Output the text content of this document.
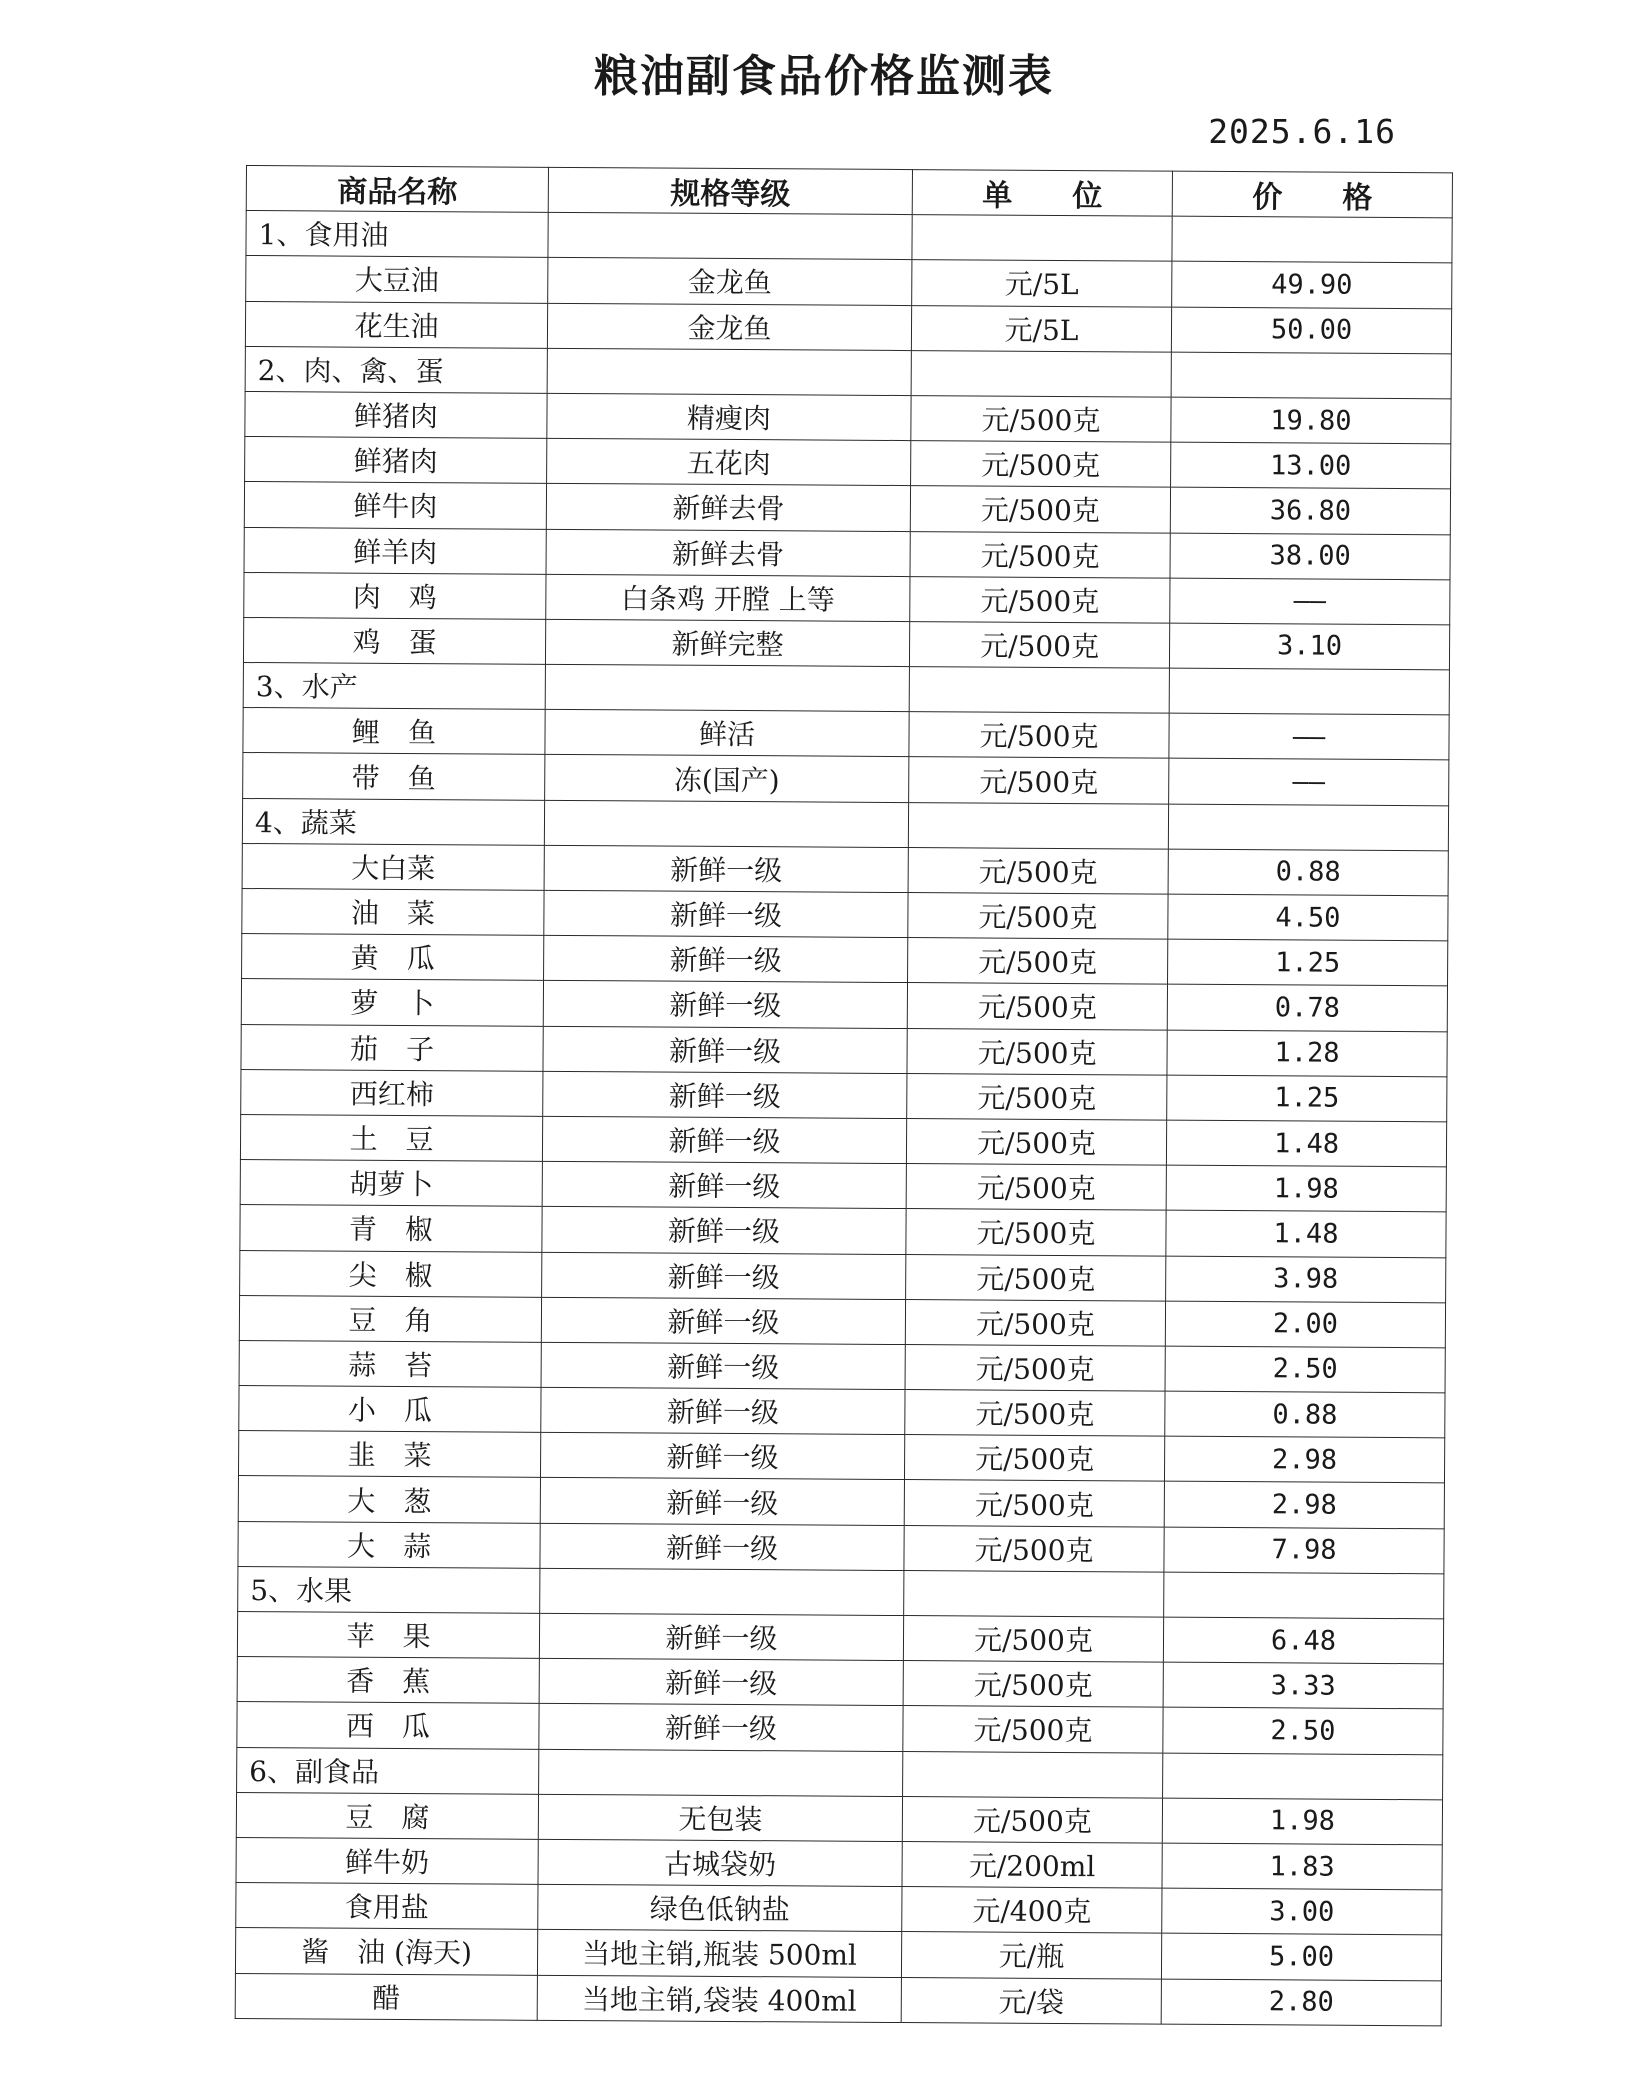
粮油副食品价格监测表
2025.6.16
商品名称	规格等级	单　　位	价　　格
1、食用油			
大豆油	金龙鱼	元/5L	49.90
花生油	金龙鱼	元/5L	50.00
2、肉、禽、蛋			
鲜猪肉	精瘦肉	元/500克	19.80
鲜猪肉	五花肉	元/500克	13.00
鲜牛肉	新鲜去骨	元/500克	36.80
鲜羊肉	新鲜去骨	元/500克	38.00
肉　鸡	白条鸡 开膛 上等	元/500克	——
鸡　蛋	新鲜完整	元/500克	3.10
3、水产			
鲤　鱼	鲜活	元/500克	——
带　鱼	冻(国产)	元/500克	——
4、蔬菜			
大白菜	新鲜一级	元/500克	0.88
油　菜	新鲜一级	元/500克	4.50
黄　瓜	新鲜一级	元/500克	1.25
萝　卜	新鲜一级	元/500克	0.78
茄　子	新鲜一级	元/500克	1.28
西红柿	新鲜一级	元/500克	1.25
土　豆	新鲜一级	元/500克	1.48
胡萝卜	新鲜一级	元/500克	1.98
青　椒	新鲜一级	元/500克	1.48
尖　椒	新鲜一级	元/500克	3.98
豆　角	新鲜一级	元/500克	2.00
蒜　苔	新鲜一级	元/500克	2.50
小　瓜	新鲜一级	元/500克	0.88
韭　菜	新鲜一级	元/500克	2.98
大　葱	新鲜一级	元/500克	2.98
大　蒜	新鲜一级	元/500克	7.98
5、水果			
苹　果	新鲜一级	元/500克	6.48
香　蕉	新鲜一级	元/500克	3.33
西　瓜	新鲜一级	元/500克	2.50
6、副食品			
豆　腐	无包装	元/500克	1.98
鲜牛奶	古城袋奶	元/200ml	1.83
食用盐	绿色低钠盐	元/400克	3.00
酱　油 (海天)	当地主销,瓶装 500ml	元/瓶	5.00
醋	当地主销,袋装 400ml	元/袋	2.80
